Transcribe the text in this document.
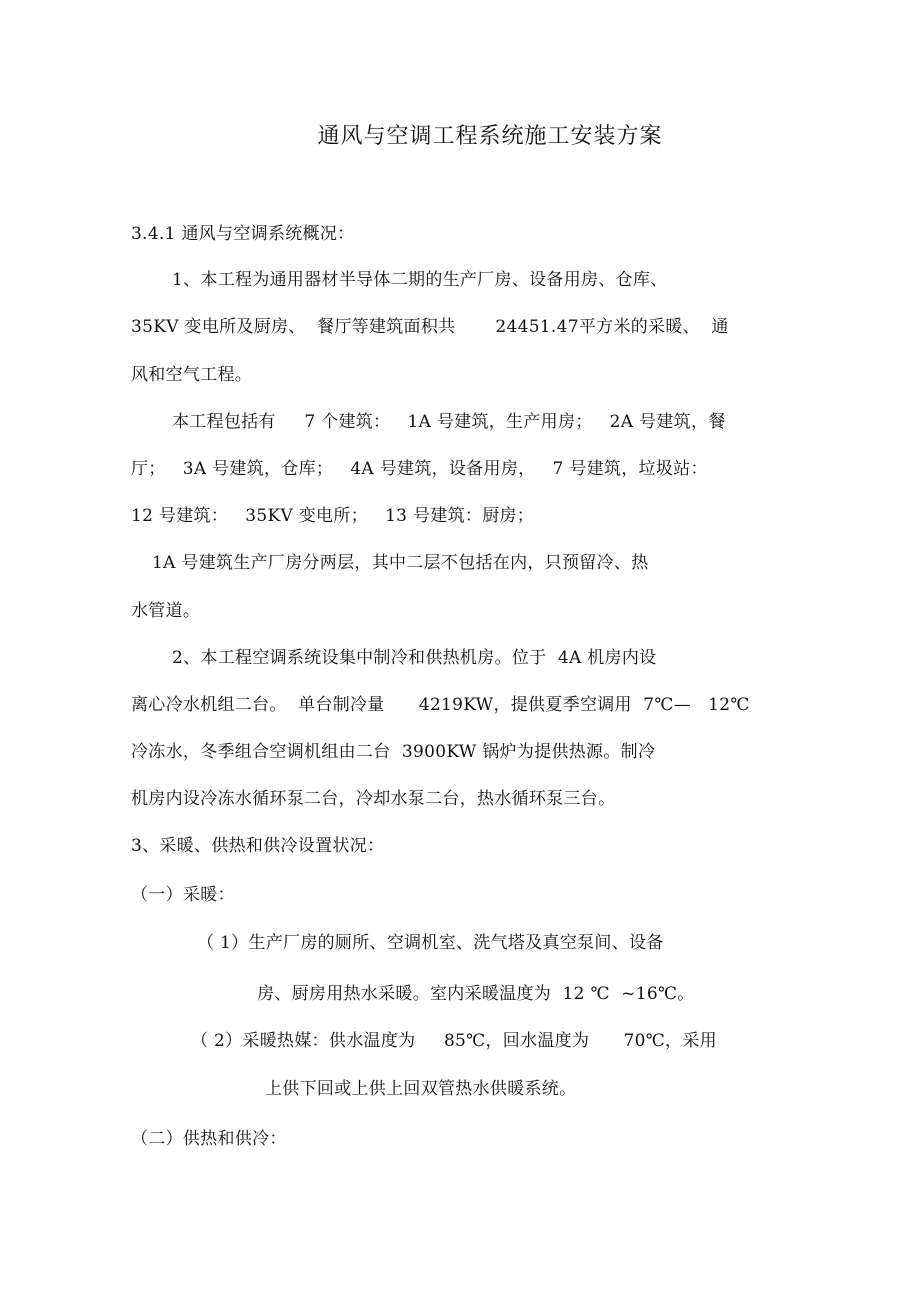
通风与空调工程系统施工安装方案
3.4.1 通风与空调系统概况：
1、本工程为通用器材半导体二期的生产厂房、设备用房、仓库、
35KV 变电所及厨房、  餐厅等建筑面积共       24451.47平方米的采暖、  通
风和空气工程。
本工程包括有     7 个建筑：   1A 号建筑，生产用房；   2A 号建筑，餐
厅；   3A 号建筑，仓库；   4A 号建筑，设备用房，   7 号建筑，垃圾站：
12 号建筑：   35KV 变电所；   13 号建筑：厨房；
1A 号建筑生产厂房分两层，其中二层不包括在内，只预留冷、热
水管道。
2、本工程空调系统设集中制冷和供热机房。位于  4A 机房内设
离心冷水机组二台。  单台制冷量      4219KW，提供夏季空调用  7℃—   12℃
冷冻水，冬季组合空调机组由二台  3900KW 锅炉为提供热源。制冷
机房内设冷冻水循环泵二台，冷却水泵二台，热水循环泵三台。
3、采暖、供热和供冷设置状况：
（一）采暖：
（ 1）生产厂房的厕所、空调机室、洗气塔及真空泵间、设备
房、厨房用热水采暖。室内采暖温度为  12 ℃  ~16℃。
（ 2）采暖热媒：供水温度为     85℃，回水温度为      70℃，采用
上供下回或上供上回双管热水供暖系统。
（二）供热和供冷：
